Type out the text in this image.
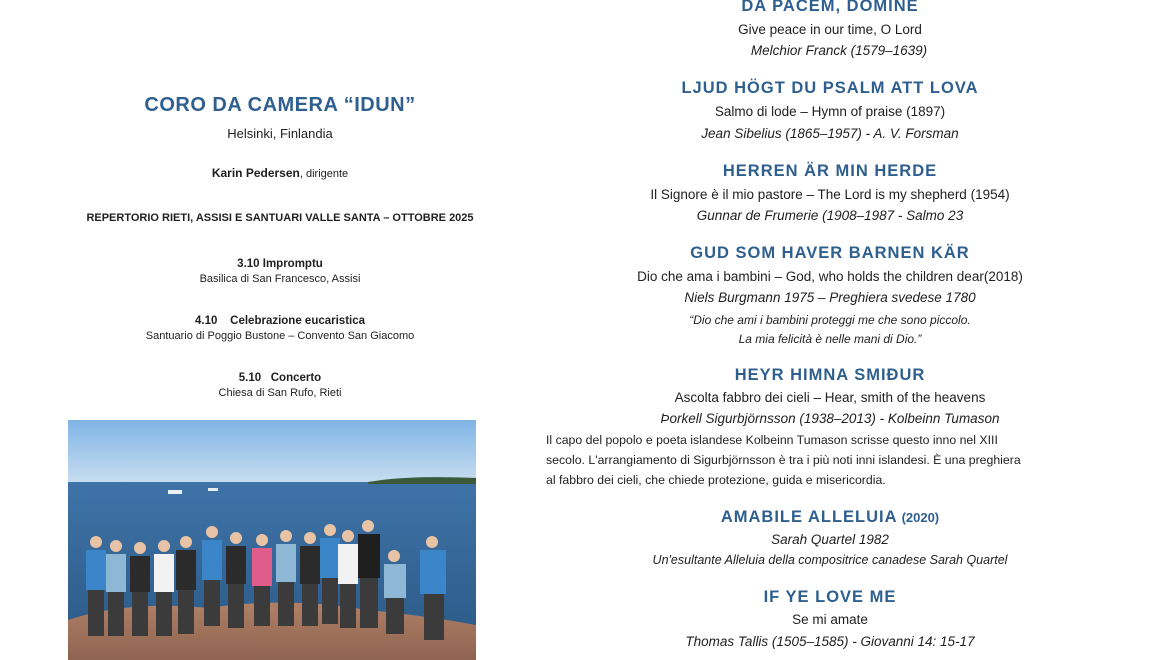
CORO DA CAMERA “IDUN”
Helsinki, Finlandia
Karin Pedersen, dirigente
REPERTORIO RIETI, ASSISI E SANTUARI VALLE SANTA – OTTOBRE 2025
3.10 Impromptu
Basilica di San Francesco, Assisi
4.10    Celebrazione eucaristica
Santuario di Poggio Bustone – Convento San Giacomo
5.10   Concerto
Chiesa di San Rufo, Rieti
DA PACEM, DOMINE
Give peace in our time, O Lord
Melchior Franck (1579–1639)
LJUD HÖGT DU PSALM ATT LOVA
Salmo di lode – Hymn of praise (1897)
Jean Sibelius (1865–1957) - A. V. Forsman
HERREN ÄR MIN HERDE
Il Signore è il mio pastore – The Lord is my shepherd (1954)
Gunnar de Frumerie (1908–1987 - Salmo 23
GUD SOM HAVER BARNEN KÄR
Dio che ama i bambini – God, who holds the children dear(2018)
Niels Burgmann 1975 – Preghiera svedese 1780
“Dio che ami i bambini proteggi me che sono piccolo.
La mia felicità è nelle mani di Dio.”
HEYR HIMNA SMIÐUR
Ascolta fabbro dei cieli – Hear, smith of the heavens
Þorkell Sigurbjörnsson (1938–2013) - Kolbeinn Tumason
Il capo del popolo e poeta islandese Kolbeinn Tumason scrisse questo inno nel XIII
secolo. L'arrangiamento di Sigurbjörnsson è tra i più noti inni islandesi. È una preghiera
al fabbro dei cieli, che chiede protezione, guida e misericordia.
AMABILE ALLELUIA (2020)
Sarah Quartel 1982
Un'esultante Alleluia della compositrice canadese Sarah Quartel
IF YE LOVE ME
Se mi amate
Thomas Tallis (1505–1585) - Giovanni 14: 15-17
